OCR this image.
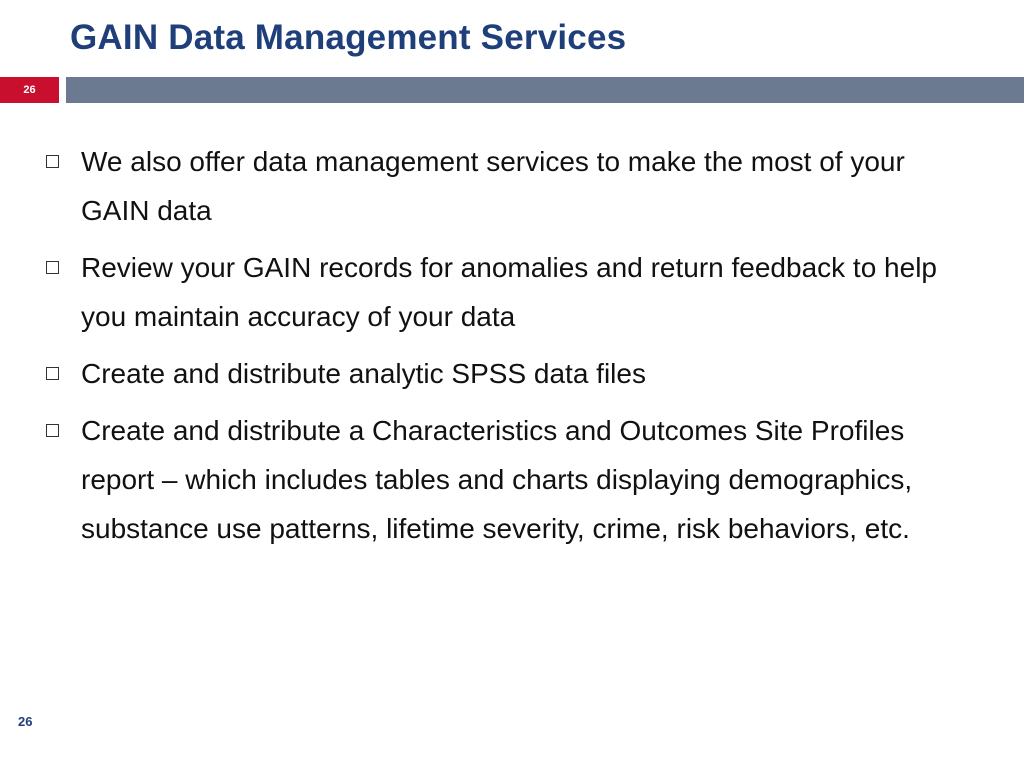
GAIN Data Management Services
26
We also offer data management services to make the most of your GAIN data
Review your GAIN records for anomalies and return feedback to help you maintain accuracy of your data
Create and distribute analytic SPSS data files
Create and distribute a Characteristics and Outcomes Site Profiles report – which includes tables and charts displaying demographics, substance use patterns, lifetime severity, crime, risk behaviors, etc.
26
